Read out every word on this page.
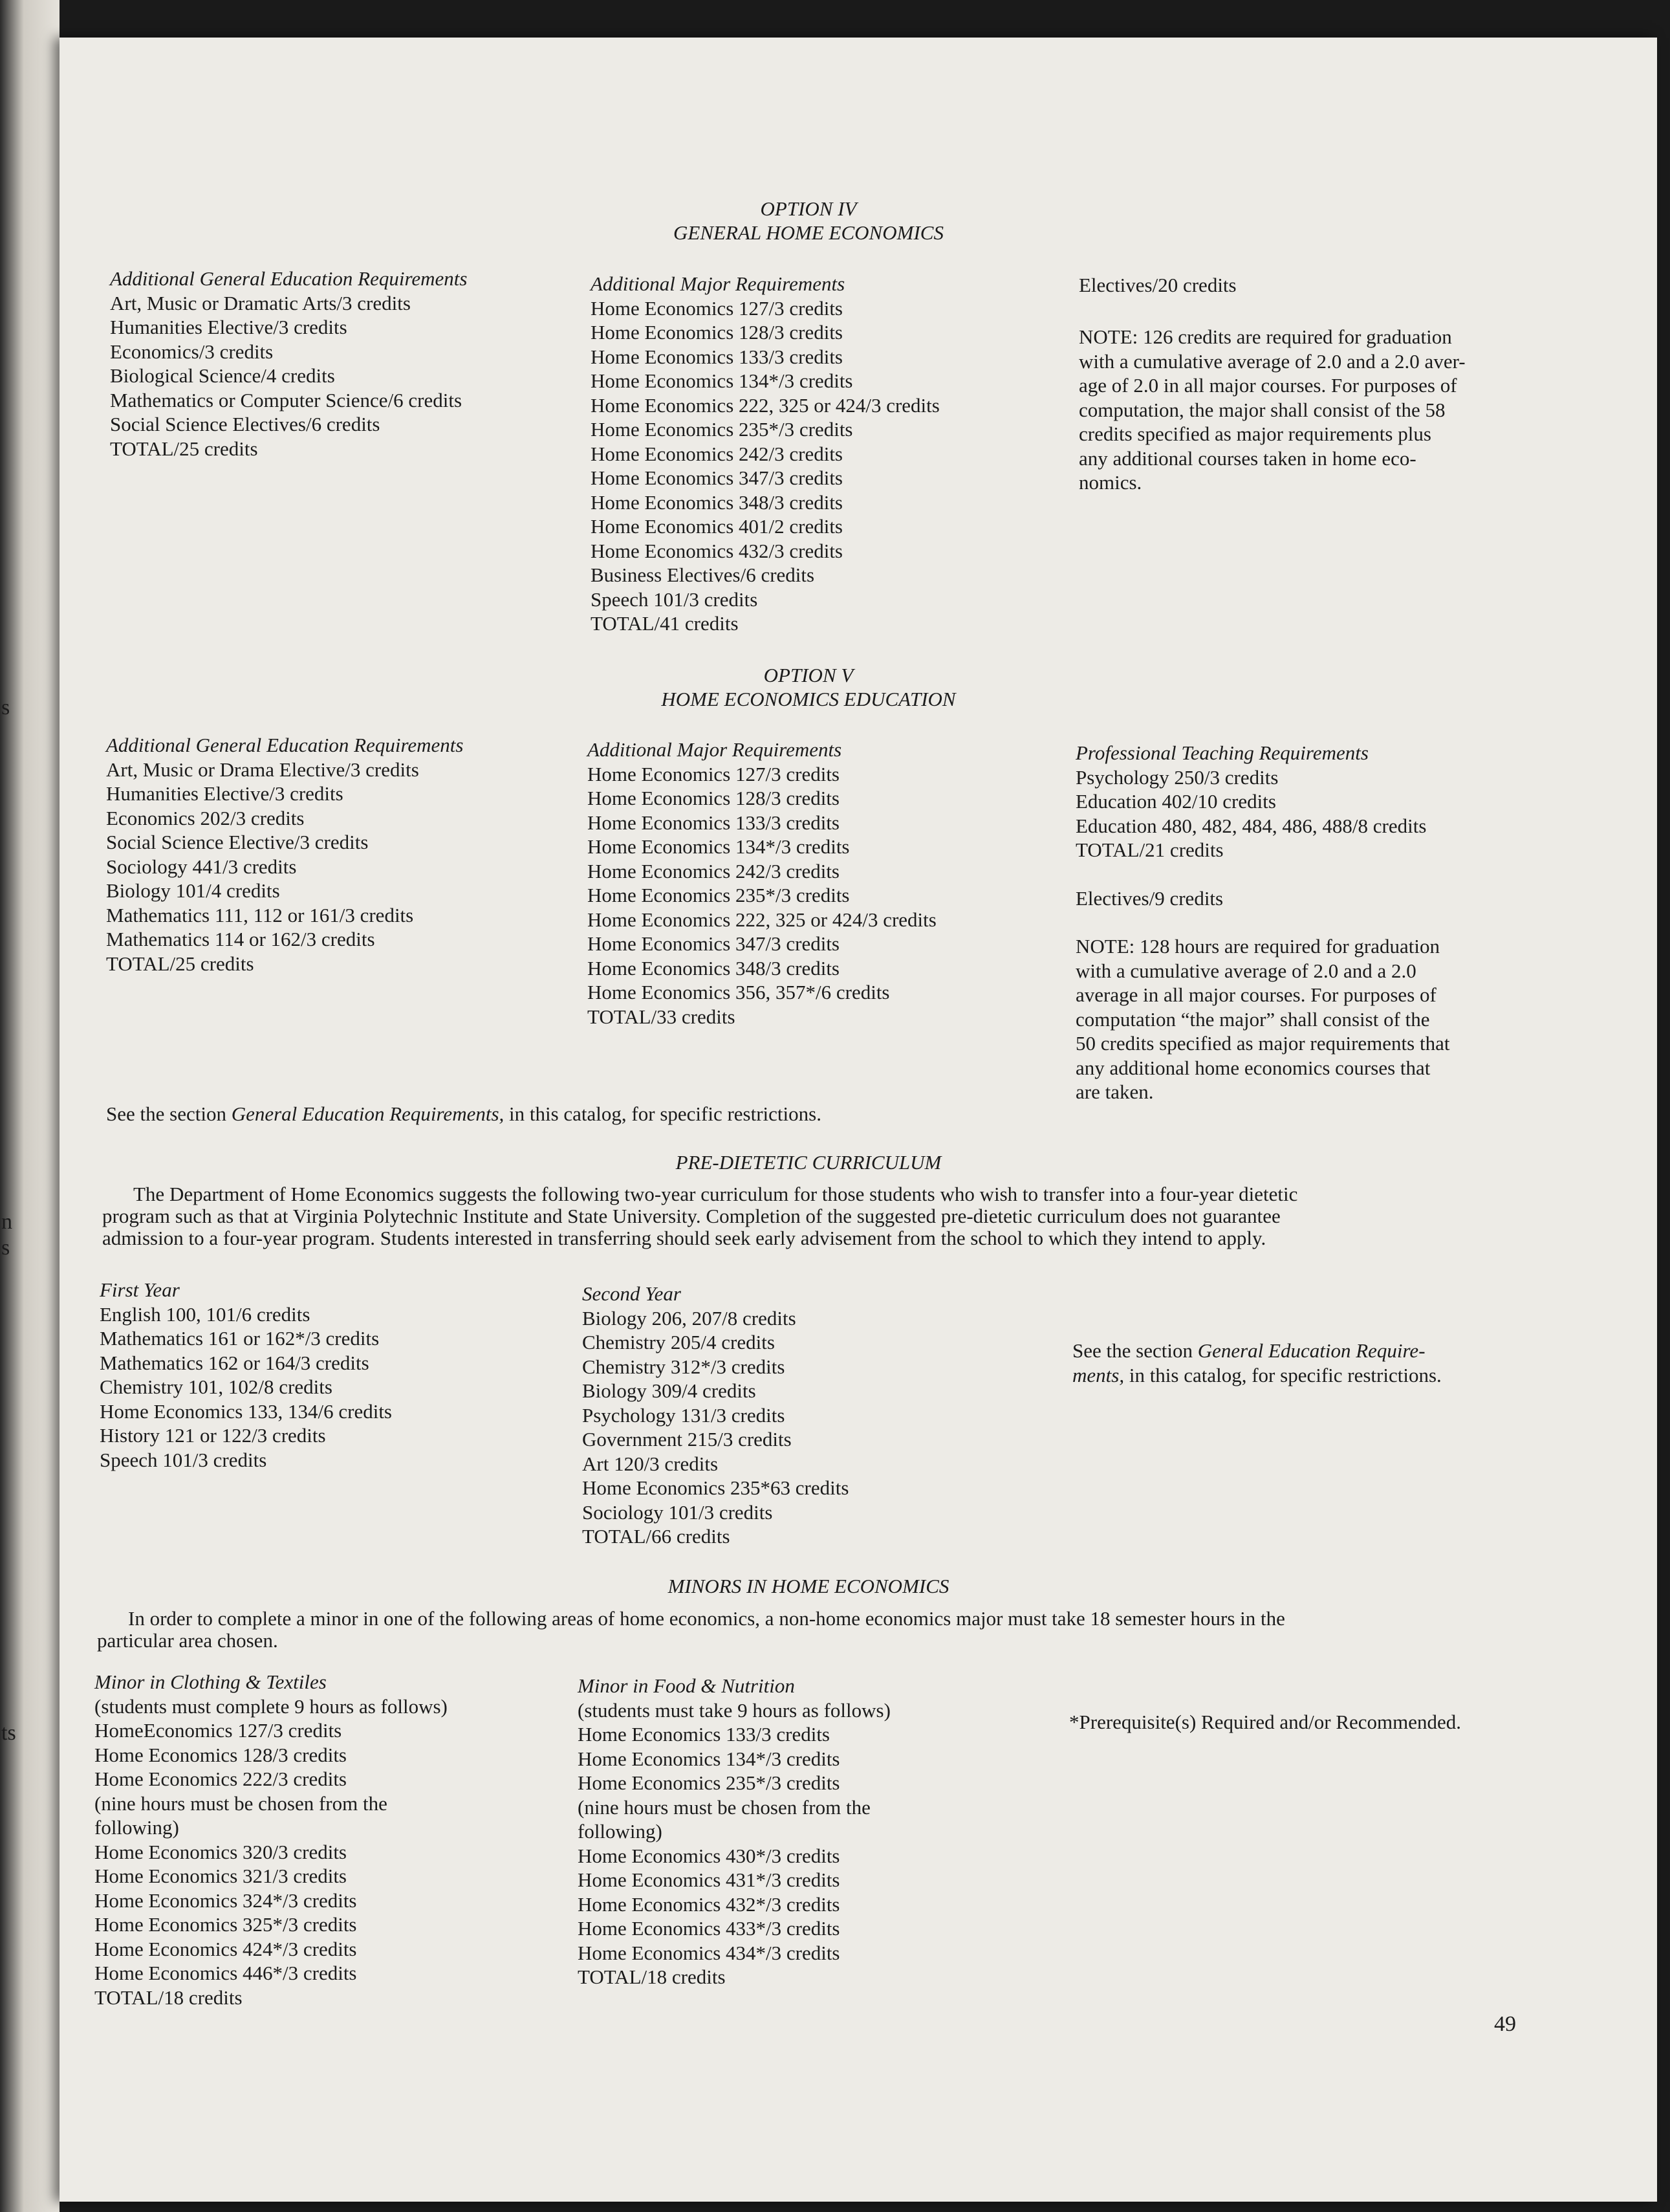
s
n
s
ts
OPTION IV
GENERAL HOME ECONOMICS
Additional General Education Requirements
Art, Music or Dramatic Arts/3 credits
Humanities Elective/3 credits
Economics/3 credits
Biological Science/4 credits
Mathematics or Computer Science/6 credits
Social Science Electives/6 credits
TOTAL/25 credits
Additional Major Requirements
Home Economics 127/3 credits
Home Economics 128/3 credits
Home Economics 133/3 credits
Home Economics 134*/3 credits
Home Economics 222, 325 or 424/3 credits
Home Economics 235*/3 credits
Home Economics 242/3 credits
Home Economics 347/3 credits
Home Economics 348/3 credits
Home Economics 401/2 credits
Home Economics 432/3 credits
Business Electives/6 credits
Speech 101/3 credits
TOTAL/41 credits
Electives/20 credits
NOTE: 126 credits are required for graduation
with a cumulative average of 2.0 and a 2.0 aver-
age of 2.0 in all major courses. For purposes of
computation, the major shall consist of the 58
credits specified as major requirements plus
any additional courses taken in home eco-
nomics.
OPTION V
HOME ECONOMICS EDUCATION
Additional General Education Requirements
Art, Music or Drama Elective/3 credits
Humanities Elective/3 credits
Economics 202/3 credits
Social Science Elective/3 credits
Sociology 441/3 credits
Biology 101/4 credits
Mathematics 111, 112 or 161/3 credits
Mathematics 114 or 162/3 credits
TOTAL/25 credits
Additional Major Requirements
Home Economics 127/3 credits
Home Economics 128/3 credits
Home Economics 133/3 credits
Home Economics 134*/3 credits
Home Economics 242/3 credits
Home Economics 235*/3 credits
Home Economics 222, 325 or 424/3 credits
Home Economics 347/3 credits
Home Economics 348/3 credits
Home Economics 356, 357*/6 credits
TOTAL/33 credits
Professional Teaching Requirements
Psychology 250/3 credits
Education 402/10 credits
Education 480, 482, 484, 486, 488/8 credits
TOTAL/21 credits
Electives/9 credits
NOTE: 128 hours are required for graduation
with a cumulative average of 2.0 and a 2.0
average in all major courses. For purposes of
computation “the major” shall consist of the
50 credits specified as major requirements that
any additional home economics courses that
are taken.
See the section General Education Requirements, in this catalog, for specific restrictions.
PRE-DIETETIC CURRICULUM
The Department of Home Economics suggests the following two-year curriculum for those students who wish to transfer into a four-year dietetic
program such as that at Virginia Polytechnic Institute and State University. Completion of the suggested pre-dietetic curriculum does not guarantee
admission to a four-year program. Students interested in transferring should seek early advisement from the school to which they intend to apply.
First Year
English 100, 101/6 credits
Mathematics 161 or 162*/3 credits
Mathematics 162 or 164/3 credits
Chemistry 101, 102/8 credits
Home Economics 133, 134/6 credits
History 121 or 122/3 credits
Speech 101/3 credits
Second Year
Biology 206, 207/8 credits
Chemistry 205/4 credits
Chemistry 312*/3 credits
Biology 309/4 credits
Psychology 131/3 credits
Government 215/3 credits
Art 120/3 credits
Home Economics 235*63 credits
Sociology 101/3 credits
TOTAL/66 credits
See the section General Education Require-
ments, in this catalog, for specific restrictions.
MINORS IN HOME ECONOMICS
In order to complete a minor in one of the following areas of home economics, a non-home economics major must take 18 semester hours in the
particular area chosen.
Minor in Clothing & Textiles
(students must complete 9 hours as follows)
HomeEconomics 127/3 credits
Home Economics 128/3 credits
Home Economics 222/3 credits
(nine hours must be chosen from the
following)
Home Economics 320/3 credits
Home Economics 321/3 credits
Home Economics 324*/3 credits
Home Economics 325*/3 credits
Home Economics 424*/3 credits
Home Economics 446*/3 credits
TOTAL/18 credits
Minor in Food & Nutrition
(students must take 9 hours as follows)
Home Economics 133/3 credits
Home Economics 134*/3 credits
Home Economics 235*/3 credits
(nine hours must be chosen from the
following)
Home Economics 430*/3 credits
Home Economics 431*/3 credits
Home Economics 432*/3 credits
Home Economics 433*/3 credits
Home Economics 434*/3 credits
TOTAL/18 credits
*Prerequisite(s) Required and/or Recommended.
49
